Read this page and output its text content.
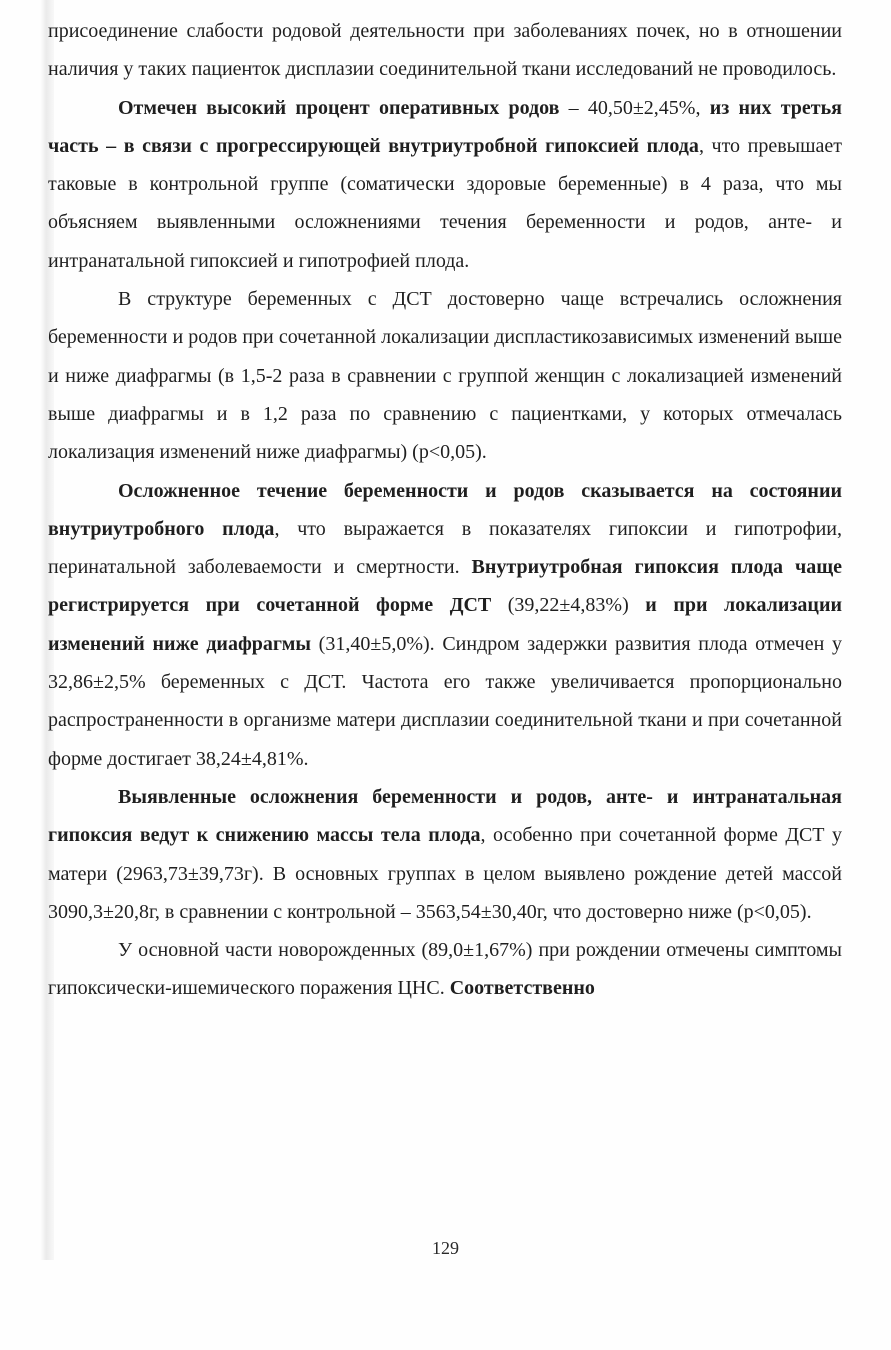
присоединение слабости родовой деятельности при заболеваниях почек, но в отношении наличия у таких пациенток дисплазии соединительной ткани исследований не проводилось.

Отмечен высокий процент оперативных родов – 40,50±2,45%, из них третья часть – в связи с прогрессирующей внутриутробной гипоксией плода, что превышает таковые в контрольной группе (соматически здоровые беременные) в 4 раза, что мы объясняем выявленными осложнениями течения беременности и родов, анте- и интранатальной гипоксией и гипотрофией плода.

В структуре беременных с ДСТ достоверно чаще встречались осложнения беременности и родов при сочетанной локализации диспластикозависимых изменений выше и ниже диафрагмы (в 1,5-2 раза в сравнении с группой женщин с локализацией изменений выше диафрагмы и в 1,2 раза по сравнению с пациентками, у которых отмечалась локализация изменений ниже диафрагмы) (р<0,05).

Осложненное течение беременности и родов сказывается на состоянии внутриутробного плода, что выражается в показателях гипоксии и гипотрофии, перинатальной заболеваемости и смертности. Внутриутробная гипоксия плода чаще регистрируется при сочетанной форме ДСТ (39,22±4,83%) и при локализации изменений ниже диафрагмы (31,40±5,0%). Синдром задержки развития плода отмечен у 32,86±2,5% беременных с ДСТ. Частота его также увеличивается пропорционально распространенности в организме матери дисплазии соединительной ткани и при сочетанной форме достигает 38,24±4,81%.

Выявленные осложнения беременности и родов, анте- и интранатальная гипоксия ведут к снижению массы тела плода, особенно при сочетанной форме ДСТ у матери (2963,73±39,73г). В основных группах в целом выявлено рождение детей массой 3090,3±20,8г, в сравнении с контрольной – 3563,54±30,40г, что достоверно ниже (р<0,05).

У основной части новорожденных (89,0±1,67%) при рождении отмечены симптомы гипоксически-ишемического поражения ЦНС. Соответственно

129
